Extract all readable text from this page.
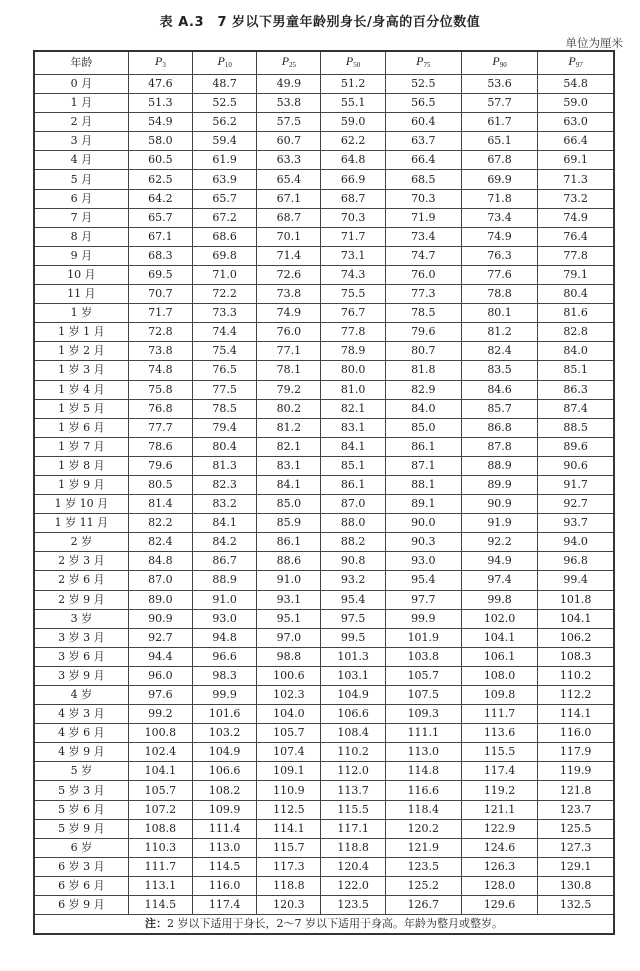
表 A.3　7 岁以下男童年龄别身长/身高的百分位数值
单位为厘米
年龄	$P_3$	$P_{10}$	$P_{25}$	$P_{50}$	$P_{75}$	$P_{90}$	$P_{97}$
0 月	47.6	48.7	49.9	51.2	52.5	53.6	54.8
1 月	51.3	52.5	53.8	55.1	56.5	57.7	59.0
2 月	54.9	56.2	57.5	59.0	60.4	61.7	63.0
3 月	58.0	59.4	60.7	62.2	63.7	65.1	66.4
4 月	60.5	61.9	63.3	64.8	66.4	67.8	69.1
5 月	62.5	63.9	65.4	66.9	68.5	69.9	71.3
6 月	64.2	65.7	67.1	68.7	70.3	71.8	73.2
7 月	65.7	67.2	68.7	70.3	71.9	73.4	74.9
8 月	67.1	68.6	70.1	71.7	73.4	74.9	76.4
9 月	68.3	69.8	71.4	73.1	74.7	76.3	77.8
10 月	69.5	71.0	72.6	74.3	76.0	77.6	79.1
11 月	70.7	72.2	73.8	75.5	77.3	78.8	80.4
1 岁	71.7	73.3	74.9	76.7	78.5	80.1	81.6
1 岁 1 月	72.8	74.4	76.0	77.8	79.6	81.2	82.8
1 岁 2 月	73.8	75.4	77.1	78.9	80.7	82.4	84.0
1 岁 3 月	74.8	76.5	78.1	80.0	81.8	83.5	85.1
1 岁 4 月	75.8	77.5	79.2	81.0	82.9	84.6	86.3
1 岁 5 月	76.8	78.5	80.2	82.1	84.0	85.7	87.4
1 岁 6 月	77.7	79.4	81.2	83.1	85.0	86.8	88.5
1 岁 7 月	78.6	80.4	82.1	84.1	86.1	87.8	89.6
1 岁 8 月	79.6	81.3	83.1	85.1	87.1	88.9	90.6
1 岁 9 月	80.5	82.3	84.1	86.1	88.1	89.9	91.7
1 岁 10 月	81.4	83.2	85.0	87.0	89.1	90.9	92.7
1 岁 11 月	82.2	84.1	85.9	88.0	90.0	91.9	93.7
2 岁	82.4	84.2	86.1	88.2	90.3	92.2	94.0
2 岁 3 月	84.8	86.7	88.6	90.8	93.0	94.9	96.8
2 岁 6 月	87.0	88.9	91.0	93.2	95.4	97.4	99.4
2 岁 9 月	89.0	91.0	93.1	95.4	97.7	99.8	101.8
3 岁	90.9	93.0	95.1	97.5	99.9	102.0	104.1
3 岁 3 月	92.7	94.8	97.0	99.5	101.9	104.1	106.2
3 岁 6 月	94.4	96.6	98.8	101.3	103.8	106.1	108.3
3 岁 9 月	96.0	98.3	100.6	103.1	105.7	108.0	110.2
4 岁	97.6	99.9	102.3	104.9	107.5	109.8	112.2
4 岁 3 月	99.2	101.6	104.0	106.6	109.3	111.7	114.1
4 岁 6 月	100.8	103.2	105.7	108.4	111.1	113.6	116.0
4 岁 9 月	102.4	104.9	107.4	110.2	113.0	115.5	117.9
5 岁	104.1	106.6	109.1	112.0	114.8	117.4	119.9
5 岁 3 月	105.7	108.2	110.9	113.7	116.6	119.2	121.8
5 岁 6 月	107.2	109.9	112.5	115.5	118.4	121.1	123.7
5 岁 9 月	108.8	111.4	114.1	117.1	120.2	122.9	125.5
6 岁	110.3	113.0	115.7	118.8	121.9	124.6	127.3
6 岁 3 月	111.7	114.5	117.3	120.4	123.5	126.3	129.1
6 岁 6 月	113.1	116.0	118.8	122.0	125.2	128.0	130.8
6 岁 9 月	114.5	117.4	120.3	123.5	126.7	129.6	132.5
注：2 岁以下适用于身长，2〜7 岁以下适用于身高。年龄为整月或整岁。							
